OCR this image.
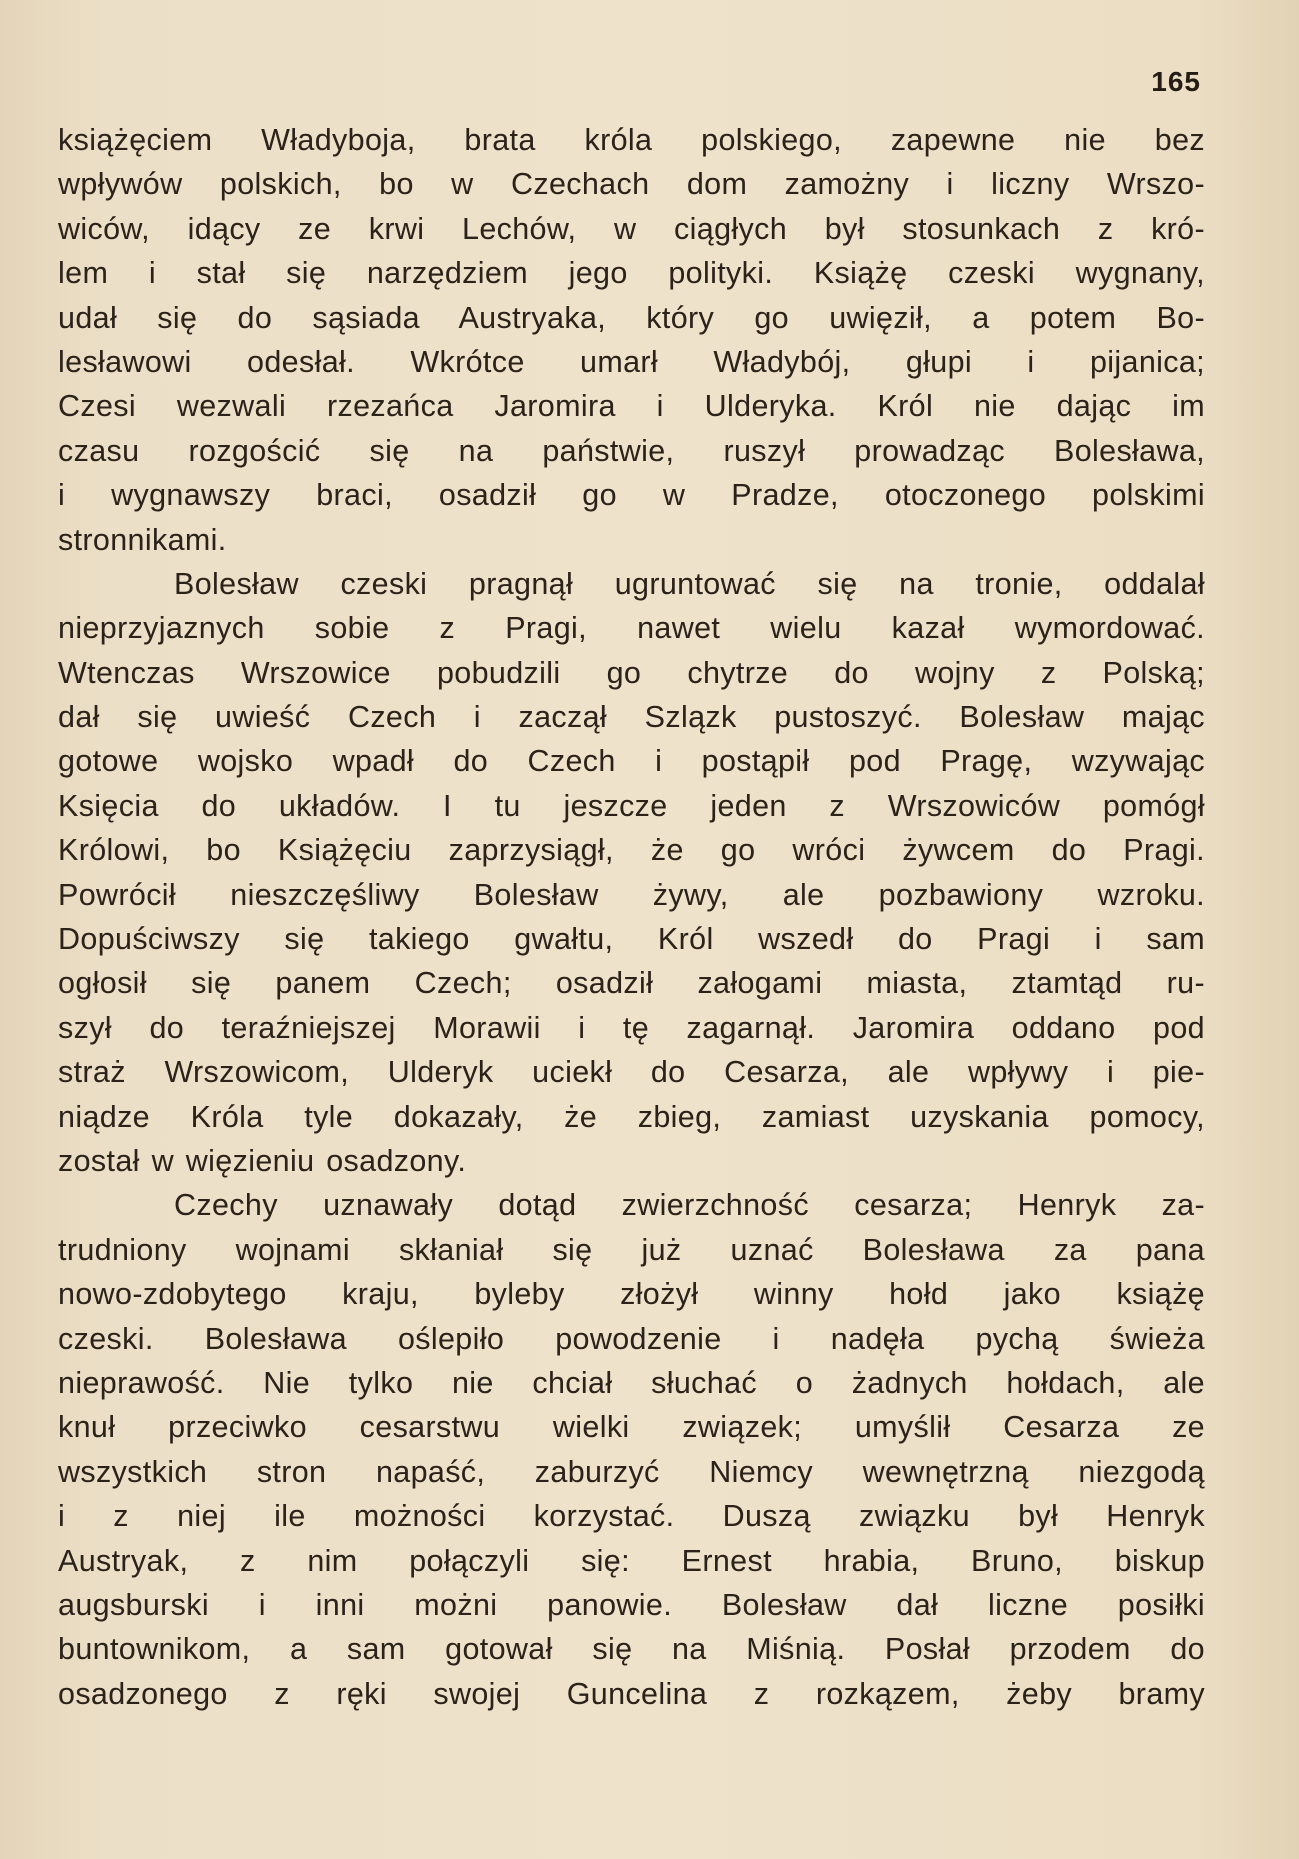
165
książęciem Władyboja, brata króla polskiego, zapewne nie bez
wpływów polskich, bo w Czechach dom zamożny i liczny Wrszo-
wiców, idący ze krwi Lechów, w ciągłych był stosunkach z kró-
lem i stał się narzędziem jego polityki. Książę czeski wygnany,
udał się do sąsiada Austryaka, który go uwięził, a potem Bo-
lesławowi odesłał. Wkrótce umarł Władybój, głupi i pijanica;
Czesi wezwali rzezańca Jaromira i Ulderyka. Król nie dając im
czasu rozgościć się na państwie, ruszył prowadząc Bolesława,
i wygnawszy braci, osadził go w Pradze, otoczonego polskimi
stronnikami.
Bolesław czeski pragnął ugruntować się na tronie, oddalał
nieprzyjaznych sobie z Pragi, nawet wielu kazał wymordować.
Wtenczas Wrszowice pobudzili go chytrze do wojny z Polską;
dał się uwieść Czech i zaczął Szlązk pustoszyć. Bolesław mając
gotowe wojsko wpadł do Czech i postąpił pod Pragę, wzywając
Księcia do układów. I tu jeszcze jeden z Wrszowiców pomógł
Królowi, bo Książęciu zaprzysiągł, że go wróci żywcem do Pragi.
Powrócił nieszczęśliwy Bolesław żywy, ale pozbawiony wzroku.
Dopuściwszy się takiego gwałtu, Król wszedł do Pragi i sam
ogłosił się panem Czech; osadził załogami miasta, ztamtąd ru-
szył do teraźniejszej Morawii i tę zagarnął. Jaromira oddano pod
straż Wrszowicom, Ulderyk uciekł do Cesarza, ale wpływy i pie-
niądze Króla tyle dokazały, że zbieg, zamiast uzyskania pomocy,
został w więzieniu osadzony.
Czechy uznawały dotąd zwierzchność cesarza; Henryk za-
trudniony wojnami skłaniał się już uznać Bolesława za pana
nowo-zdobytego kraju, byleby złożył winny hołd jako książę
czeski. Bolesława oślepiło powodzenie i nadęła pychą świeża
nieprawość. Nie tylko nie chciał słuchać o żadnych hołdach, ale
knuł przeciwko cesarstwu wielki związek; umyślił Cesarza ze
wszystkich stron napaść, zaburzyć Niemcy wewnętrzną niezgodą
i z niej ile możności korzystać. Duszą związku był Henryk
Austryak, z nim połączyli się: Ernest hrabia, Bruno, biskup
augsburski i inni możni panowie. Bolesław dał liczne posiłki
buntownikom, a sam gotował się na Miśnią. Posłał przodem do
osadzonego z ręki swojej Guncelina z rozkązem, żeby bramy
